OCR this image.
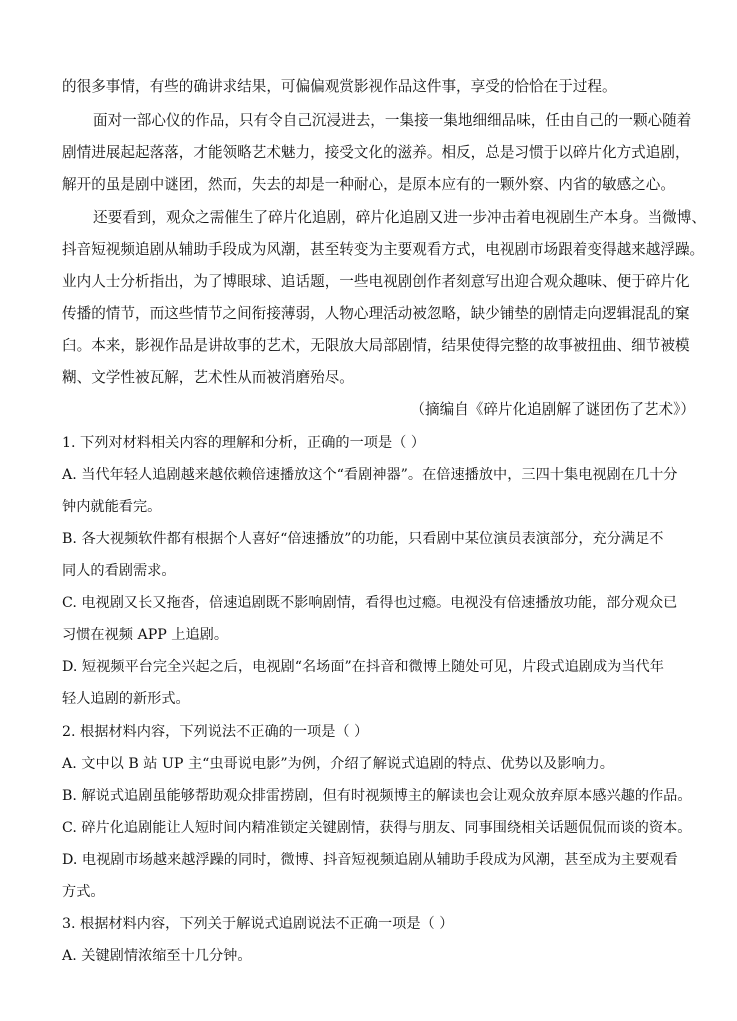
的很多事情，有些的确讲求结果，可偏偏观赏影视作品这件事，享受的恰恰在于过程。
面对一部心仪的作品，只有令自己沉浸进去，一集接一集地细细品味，任由自己的一颗心随着
剧情进展起起落落，才能领略艺术魅力，接受文化的滋养。相反，总是习惯于以碎片化方式追剧，
解开的虽是剧中谜团，然而，失去的却是一种耐心，是原本应有的一颗外察、内省的敏感之心。
还要看到，观众之需催生了碎片化追剧，碎片化追剧又进一步冲击着电视剧生产本身。当微博、
抖音短视频追剧从辅助手段成为风潮，甚至转变为主要观看方式，电视剧市场跟着变得越来越浮躁。
业内人士分析指出，为了博眼球、追话题，一些电视剧创作者刻意写出迎合观众趣味、便于碎片化
传播的情节，而这些情节之间衔接薄弱，人物心理活动被忽略，缺少铺垫的剧情走向逻辑混乱的窠
臼。本来，影视作品是讲故事的艺术，无限放大局部剧情，结果使得完整的故事被扭曲、细节被模
糊、文学性被瓦解，艺术性从而被消磨殆尽。
（摘编自《碎片化追剧解了谜团伤了艺术》）
1. 下列对材料相关内容的理解和分析，正确的一项是（ ）
A. 当代年轻人追剧越来越依赖倍速播放这个“看剧神器”。在倍速播放中，三四十集电视剧在几十分
钟内就能看完。
B. 各大视频软件都有根据个人喜好“倍速播放”的功能，只看剧中某位演员表演部分，充分满足不
同人的看剧需求。
C. 电视剧又长又拖沓，倍速追剧既不影响剧情，看得也过瘾。电视没有倍速播放功能，部分观众已
习惯在视频 APP 上追剧。
D. 短视频平台完全兴起之后，电视剧“名场面”在抖音和微博上随处可见，片段式追剧成为当代年
轻人追剧的新形式。
2. 根据材料内容，下列说法不正确的一项是（ ）
A. 文中以 B 站 UP 主“虫哥说电影”为例，介绍了解说式追剧的特点、优势以及影响力。
B. 解说式追剧虽能够帮助观众排雷捞剧，但有时视频博主的解读也会让观众放弃原本感兴趣的作品。
C. 碎片化追剧能让人短时间内精准锁定关键剧情，获得与朋友、同事围绕相关话题侃侃而谈的资本。
D. 电视剧市场越来越浮躁的同时，微博、抖音短视频追剧从辅助手段成为风潮，甚至成为主要观看
方式。
3. 根据材料内容，下列关于解说式追剧说法不正确一项是（ ）
A. 关键剧情浓缩至十几分钟。
